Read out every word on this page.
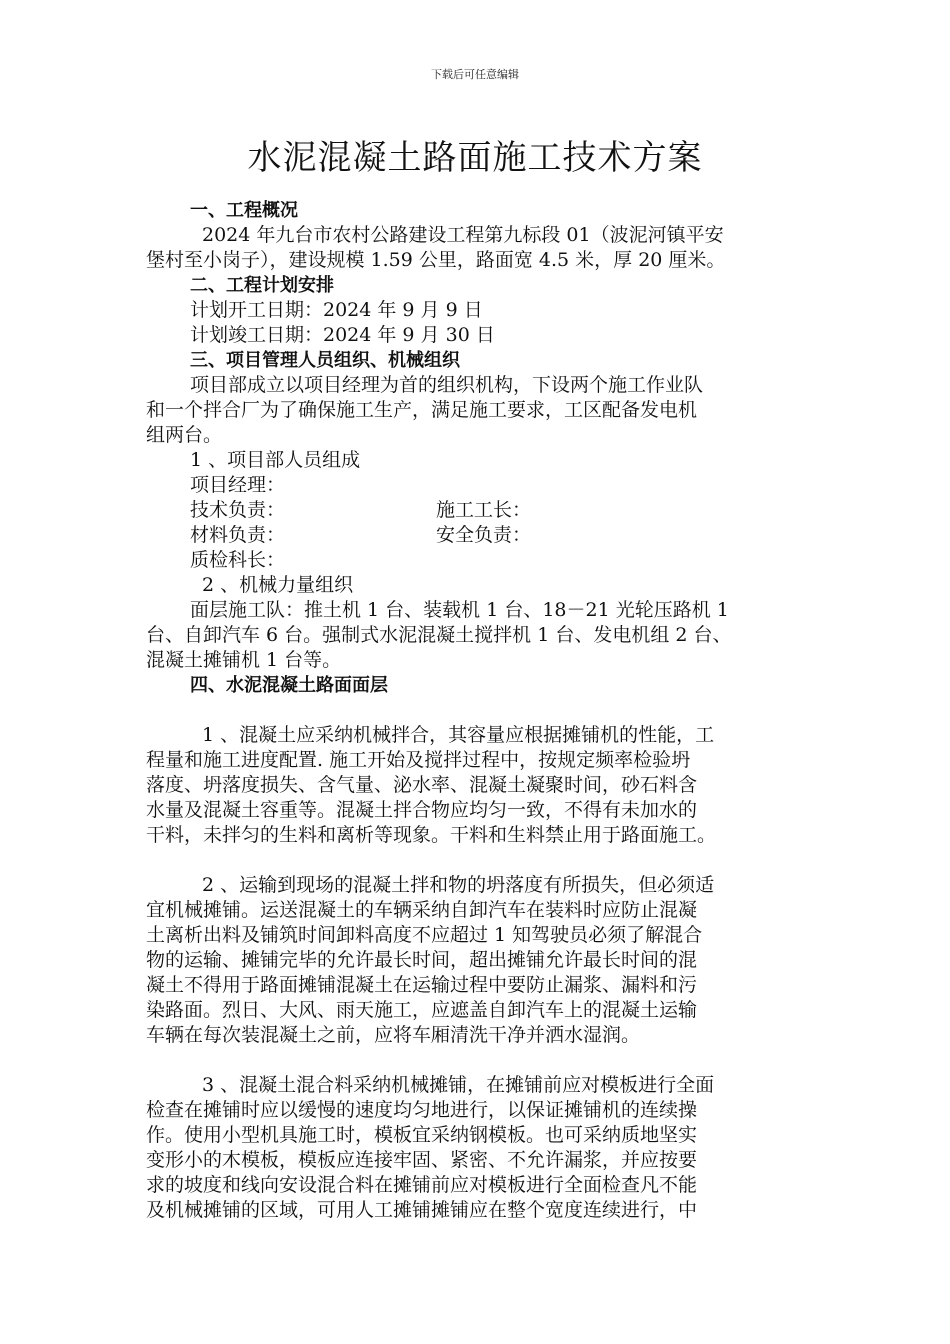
下载后可任意编辑
水泥混凝土路面施工技术方案
一、工程概况
2024 年九台市农村公路建设工程第九标段 01（波泥河镇平安
堡村至小岗子），建设规模 1.59 公里，路面宽 4.5 米，厚 20 厘米。
二、工程计划安排
计划开工日期：2024 年 9 月 9 日
计划竣工日期：2024 年 9 月 30 日
三、项目管理人员组织、机械组织
项目部成立以项目经理为首的组织机构，下设两个施工作业队
和一个拌合厂为了确保施工生产，满足施工要求，工区配备发电机
组两台。
1 、项目部人员组成
项目经理：
技术负责：	施工工长：
材料负责：	安全负责：
质检科长：
2 、机械力量组织
面层施工队：推土机 1 台、装载机 1 台、18－21 光轮压路机 1
台、自卸汽车 6 台。强制式水泥混凝土搅拌机 1 台、发电机组 2 台、
混凝土摊铺机 1 台等。
四、水泥混凝土路面面层
1 、混凝土应采纳机械拌合，其容量应根据摊铺机的性能，工
程量和施工进度配置. 施工开始及搅拌过程中，按规定频率检验坍
落度、坍落度损失、含气量、泌水率、混凝土凝聚时间，砂石料含
水量及混凝土容重等。混凝土拌合物应均匀一致，不得有未加水的
干料，未拌匀的生料和离析等现象。干料和生料禁止用于路面施工。
2 、运输到现场的混凝土拌和物的坍落度有所损失，但必须适
宜机械摊铺。运送混凝土的车辆采纳自卸汽车在装料时应防止混凝
土离析出料及铺筑时间卸料高度不应超过 1 知驾驶员必须了解混合
物的运输、摊铺完毕的允许最长时间，超出摊铺允许最长时间的混
凝土不得用于路面摊铺混凝土在运输过程中要防止漏浆、漏料和污
染路面。烈日、大风、雨天施工，应遮盖自卸汽车上的混凝土运输
车辆在每次装混凝土之前，应将车厢清洗干净并洒水湿润。
3 、混凝土混合料采纳机械摊铺，在摊铺前应对模板进行全面
检查在摊铺时应以缓慢的速度均匀地进行，以保证摊铺机的连续操
作。使用小型机具施工时，模板宜采纳钢模板。也可采纳质地坚实
变形小的木模板，模板应连接牢固、紧密、不允许漏浆，并应按要
求的坡度和线向安设混合料在摊铺前应对模板进行全面检查凡不能
及机械摊铺的区域，可用人工摊铺摊铺应在整个宽度连续进行，中
